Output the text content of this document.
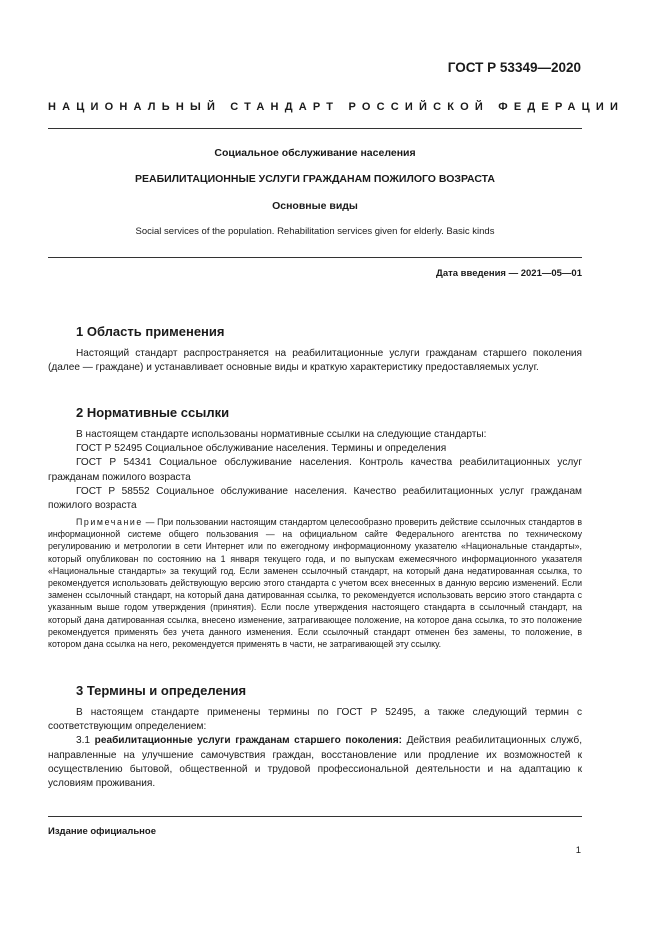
ГОСТ Р 53349—2020
НАЦИОНАЛЬНЫЙ СТАНДАРТ РОССИЙСКОЙ ФЕДЕРАЦИИ
Социальное обслуживание населения
РЕАБИЛИТАЦИОННЫЕ УСЛУГИ ГРАЖДАНАМ ПОЖИЛОГО ВОЗРАСТА
Основные виды
Social services of the population. Rehabilitation services given for elderly. Basic kinds
Дата введения — 2021—05—01
1 Область применения

Настоящий стандарт распространяется на реабилитационные услуги гражданам старшего поколения (далее — граждане) и устанавливает основные виды и краткую характеристику предоставляемых услуг.

2 Нормативные ссылки

В настоящем стандарте использованы нормативные ссылки на следующие стандарты:

ГОСТ Р 52495 Социальное обслуживание населения. Термины и определения

ГОСТ Р 54341 Социальное обслуживание населения. Контроль качества реабилитационных услуг гражданам пожилого возраста

ГОСТ Р 58552 Социальное обслуживание населения. Качество реабилитационных услуг гражданам пожилого возраста

Примечание — При пользовании настоящим стандартом целесообразно проверить действие ссылочных стандартов в информационной системе общего пользования — на официальном сайте Федерального агентства по техническому регулированию и метрологии в сети Интернет или по ежегодному информационному указателю «Национальные стандарты», который опубликован по состоянию на 1 января текущего года, и по выпускам ежемесячного информационного указателя «Национальные стандарты» за текущий год. Если заменен ссылочный стандарт, на который дана недатированная ссылка, то рекомендуется использовать действующую версию этого стандарта с учетом всех внесенных в данную версию изменений. Если заменен ссылочный стандарт, на который дана датированная ссылка, то рекомендуется использовать версию этого стандарта с указанным выше годом утверждения (принятия). Если после утверждения настоящего стандарта в ссылочный стандарт, на который дана датированная ссылка, внесено изменение, затрагивающее положение, на которое дана ссылка, то это положение рекомендуется применять без учета данного изменения. Если ссылочный стандарт отменен без замены, то положение, в котором дана ссылка на него, рекомендуется применять в части, не затрагивающей эту ссылку.

3 Термины и определения

В настоящем стандарте применены термины по ГОСТ Р 52495, а также следующий термин с соответствующим определением:

3.1 реабилитационные услуги гражданам старшего поколения: Действия реабилитационных служб, направленные на улучшение самочувствия граждан, восстановление или продление их возможностей к осуществлению бытовой, общественной и трудовой профессиональной деятельности и на адаптацию к условиям проживания.

Издание официальное
1
